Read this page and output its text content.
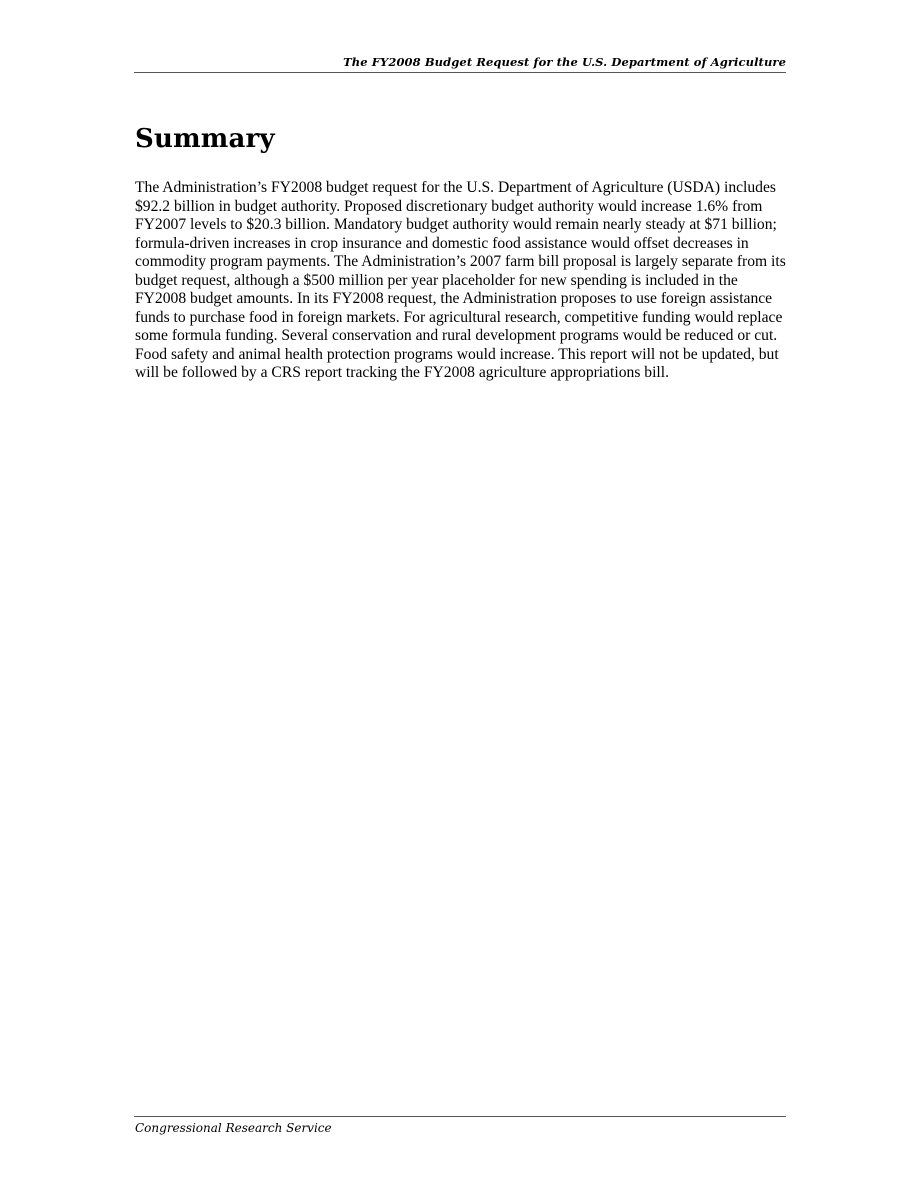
The FY2008 Budget Request for the U.S. Department of Agriculture
Summary

The Administration’s FY2008 budget request for the U.S. Department of Agriculture (USDA) includes $92.2 billion in budget authority. Proposed discretionary budget authority would increase 1.6% from FY2007 levels to $20.3 billion. Mandatory budget authority would remain nearly steady at $71 billion; formula-driven increases in crop insurance and domestic food assistance would offset decreases in commodity program payments. The Administration’s 2007 farm bill proposal is largely separate from its budget request, although a $500 million per year placeholder for new spending is included in the FY2008 budget amounts. In its FY2008 request, the Administration proposes to use foreign assistance funds to purchase food in foreign markets. For agricultural research, competitive funding would replace some formula funding. Several conservation and rural development programs would be reduced or cut. Food safety and animal health protection programs would increase. This report will not be updated, but will be followed by a CRS report tracking the FY2008 agriculture appropriations bill.

Congressional Research Service
